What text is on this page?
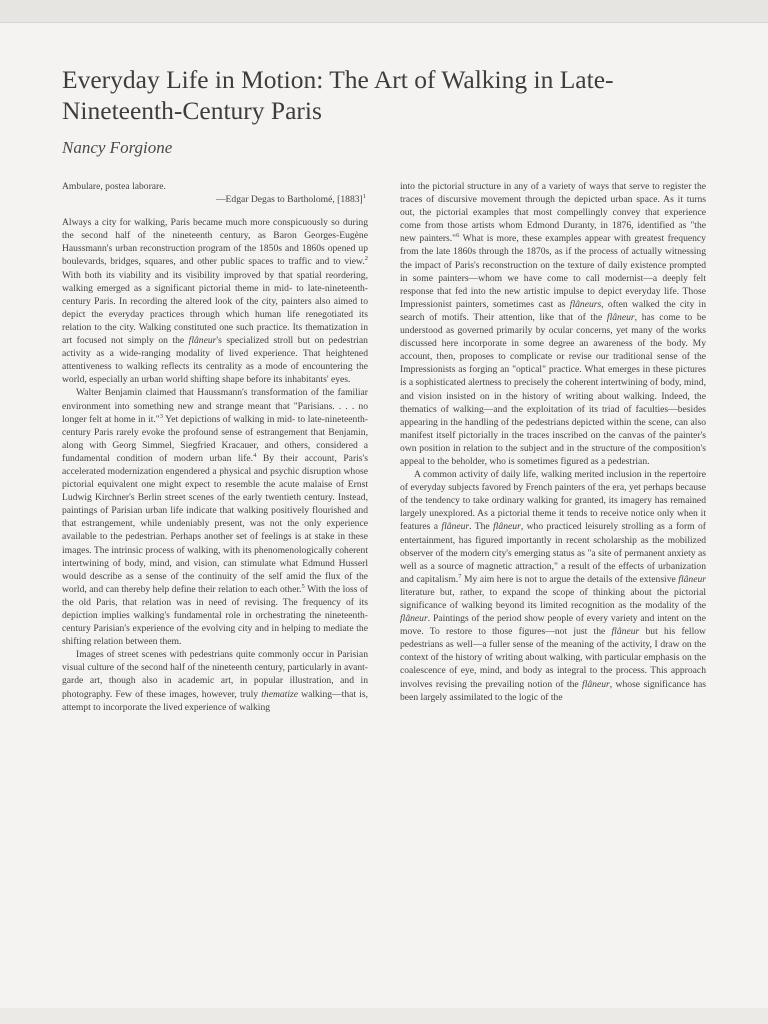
Everyday Life in Motion: The Art of Walking in Late-Nineteenth-Century Paris

Nancy Forgione

Ambulare, postea laborare.
—Edgar Degas to Bartholomé, $[1883]^1$

Always a city for walking, Paris became much more conspicuously so during the second half of the nineteenth century, as Baron Georges-Eugène Haussmann's urban reconstruction program of the 1850s and 1860s opened up boulevards, bridges, squares, and other public spaces to traffic and to view.$^2$ With both its viability and its visibility improved by that spatial reordering, walking emerged as a significant pictorial theme in mid- to late-nineteenth-century Paris. In recording the altered look of the city, painters also aimed to depict the everyday practices through which human life renegotiated its relation to the city. Walking constituted one such practice. Its thematization in art focused not simply on the flâneur's specialized stroll but on pedestrian activity as a wide-ranging modality of lived experience. That heightened attentiveness to walking reflects its centrality as a mode of encountering the world, especially an urban world shifting shape before its inhabitants' eyes.

Walter Benjamin claimed that Haussmann's transformation of the familiar environment into something new and strange meant that "Parisians. . . . no longer felt at home in it."$^3$ Yet depictions of walking in mid- to late-nineteenth-century Paris rarely evoke the profound sense of estrangement that Benjamin, along with Georg Simmel, Siegfried Kracauer, and others, considered a fundamental condition of modern urban life.$^4$ By their account, Paris's accelerated modernization engendered a physical and psychic disruption whose pictorial equivalent one might expect to resemble the acute malaise of Ernst Ludwig Kirchner's Berlin street scenes of the early twentieth century. Instead, paintings of Parisian urban life indicate that walking positively flourished and that estrangement, while undeniably present, was not the only experience available to the pedestrian. Perhaps another set of feelings is at stake in these images. The intrinsic process of walking, with its phenomenologically coherent intertwining of body, mind, and vision, can stimulate what Edmund Husserl would describe as a sense of the continuity of the self amid the flux of the world, and can thereby help define their relation to each other.$^5$ With the loss of the old Paris, that relation was in need of revising. The frequency of its depiction implies walking's fundamental role in orchestrating the nineteenth-century Parisian's experience of the evolving city and in helping to mediate the shifting relation between them.

Images of street scenes with pedestrians quite commonly occur in Parisian visual culture of the second half of the nineteenth century, particularly in avant-garde art, though also in academic art, in popular illustration, and in photography. Few of these images, however, truly thematize walking—that is, attempt to incorporate the lived experience of walking

into the pictorial structure in any of a variety of ways that serve to register the traces of discursive movement through the depicted urban space. As it turns out, the pictorial examples that most compellingly convey that experience come from those artists whom Edmond Duranty, in 1876, identified as "the new painters."$^6$ What is more, these examples appear with greatest frequency from the late 1860s through the 1870s, as if the process of actually witnessing the impact of Paris's reconstruction on the texture of daily existence prompted in some painters—whom we have come to call modernist—a deeply felt response that fed into the new artistic impulse to depict everyday life. Those Impressionist painters, sometimes cast as flâneurs, often walked the city in search of motifs. Their attention, like that of the flâneur, has come to be understood as governed primarily by ocular concerns, yet many of the works discussed here incorporate in some degree an awareness of the body. My account, then, proposes to complicate or revise our traditional sense of the Impressionists as forging an "optical" practice. What emerges in these pictures is a sophisticated alertness to precisely the coherent intertwining of body, mind, and vision insisted on in the history of writing about walking. Indeed, the thematics of walking—and the exploitation of its triad of faculties—besides appearing in the handling of the pedestrians depicted within the scene, can also manifest itself pictorially in the traces inscribed on the canvas of the painter's own position in relation to the subject and in the structure of the composition's appeal to the beholder, who is sometimes figured as a pedestrian.

A common activity of daily life, walking merited inclusion in the repertoire of everyday subjects favored by French painters of the era, yet perhaps because of the tendency to take ordinary walking for granted, its imagery has remained largely unexplored. As a pictorial theme it tends to receive notice only when it features a flâneur. The flâneur, who practiced leisurely strolling as a form of entertainment, has figured importantly in recent scholarship as the mobilized observer of the modern city's emerging status as "a site of permanent anxiety as well as a source of magnetic attraction," a result of the effects of urbanization and capitalism.$^7$ My aim here is not to argue the details of the extensive flâneur literature but, rather, to expand the scope of thinking about the pictorial significance of walking beyond its limited recognition as the modality of the flâneur. Paintings of the period show people of every variety and intent on the move. To restore to those figures—not just the flâneur but his fellow pedestrians as well—a fuller sense of the meaning of the activity, I draw on the context of the history of writing about walking, with particular emphasis on the coalescence of eye, mind, and body as integral to the process. This approach involves revising the prevailing notion of the flâneur, whose significance has been largely assimilated to the logic of the
